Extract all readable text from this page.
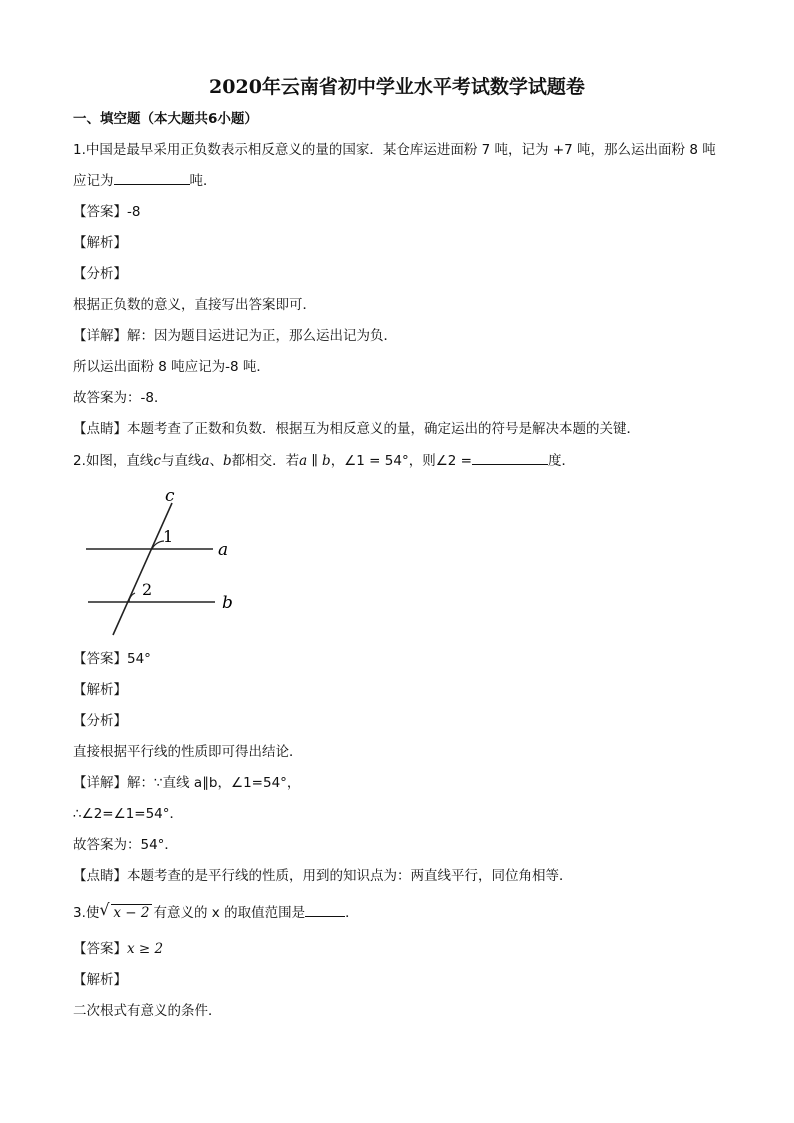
2020年云南省初中学业水平考试数学试题卷
一、填空题（本大题共6小题）
1.中国是最早采用正负数表示相反意义的量的国家．某仓库运进面粉 7 吨，记为 +7 吨，那么运出面粉 8 吨
应记为	吨．
【答案】-8
【解析】
【分析】
根据正负数的意义，直接写出答案即可．
【详解】解：因为题目运进记为正，那么运出记为负．
所以运出面粉 8 吨应记为-8 吨．
故答案为：-8．
【点睛】本题考查了正数和负数．根据互为相反意义的量，确定运出的符号是解决本题的关键．
2.如图，直线c与直线a、b都相交．若a ∥ b，∠1 = 54°，则∠2 =	度．
c
a
b
1
2
【答案】54°
【解析】
【分析】
直接根据平行线的性质即可得出结论．
【详解】解：∵直线 a∥b，∠1=54°，
∴∠2=∠1=54°．
故答案为：54°．
【点睛】本题考查的是平行线的性质，用到的知识点为：两直线平行，同位角相等．
3.使 √ x − 2 有意义的 x 的取值范围是	．
【答案】x ≥ 2
【解析】
二次根式有意义的条件．
